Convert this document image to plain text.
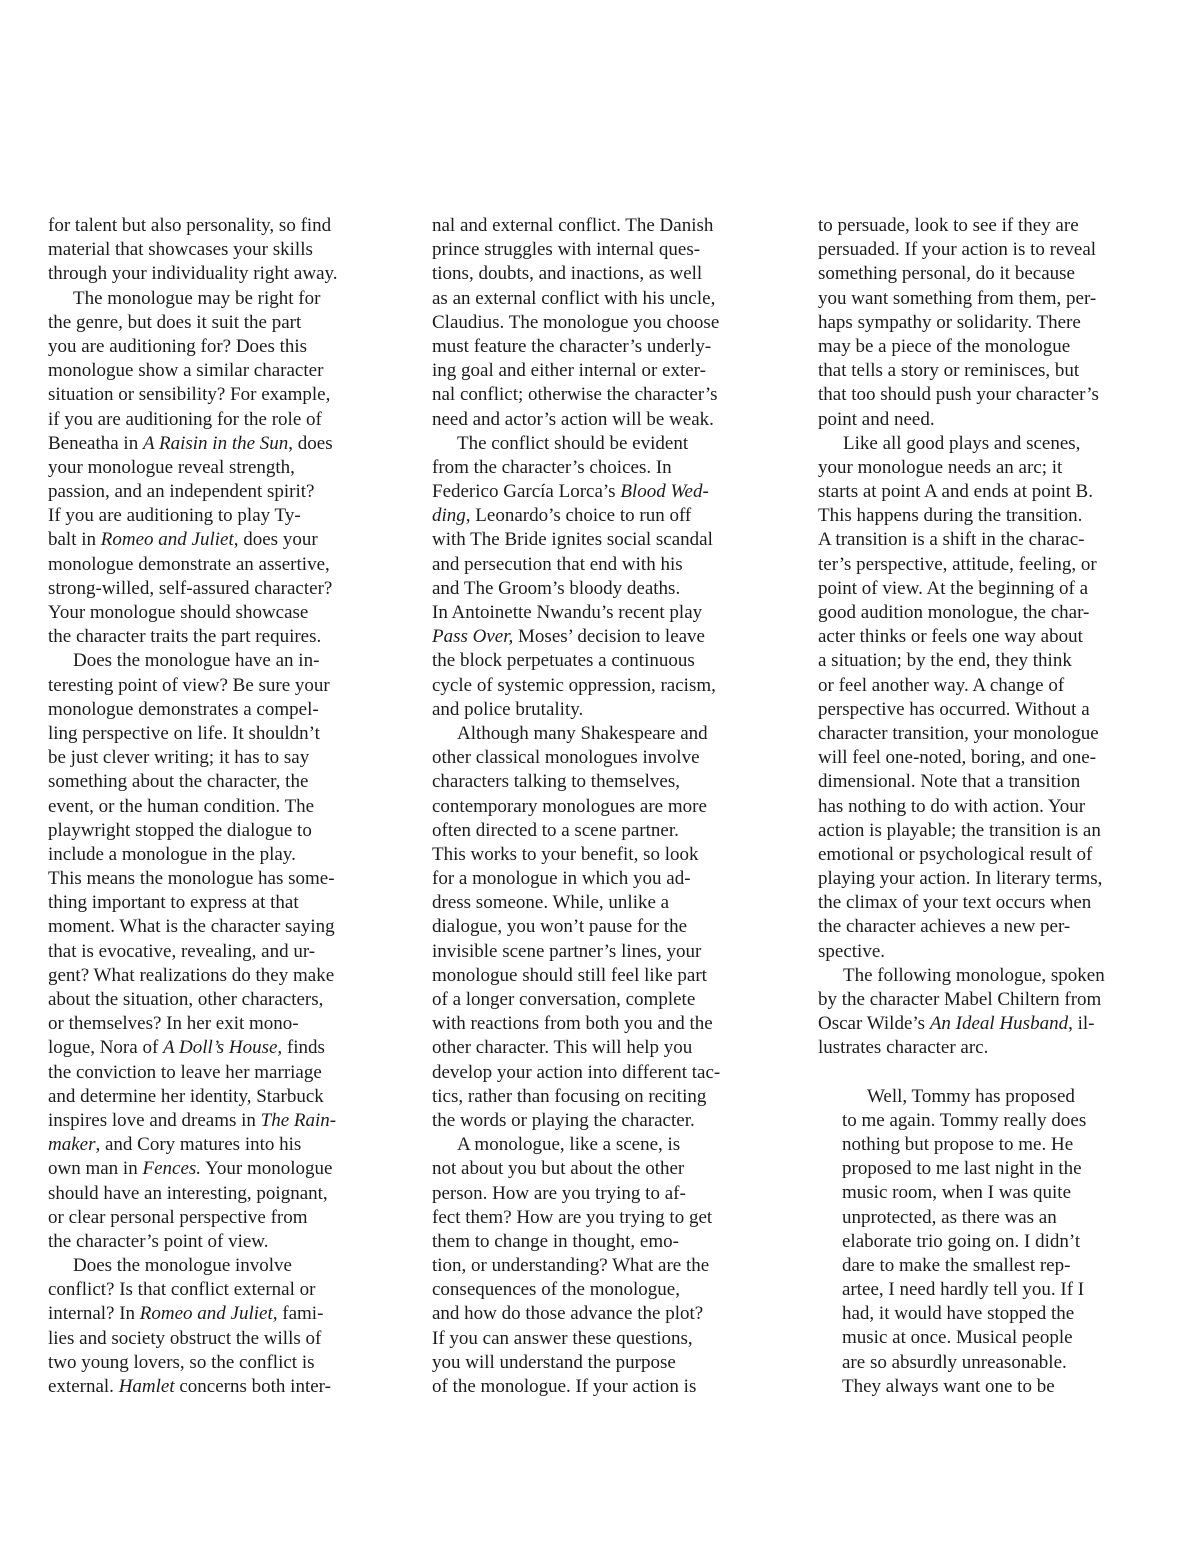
for talent but also personality, so find
material that showcases your skills
through your individuality right away.
The monologue may be right for
the genre, but does it suit the part
you are auditioning for? Does this
monologue show a similar character
situation or sensibility? For example,
if you are auditioning for the role of
Beneatha in A Raisin in the Sun, does
your monologue reveal strength,
passion, and an independent spirit?
If you are auditioning to play Ty-
balt in Romeo and Juliet, does your
monologue demonstrate an assertive,
strong-willed, self-assured character?
Your monologue should showcase
the character traits the part requires.
Does the monologue have an in-
teresting point of view? Be sure your
monologue demonstrates a compel-
ling perspective on life. It shouldn’t
be just clever writing; it has to say
something about the character, the
event, or the human condition. The
playwright stopped the dialogue to
include a monologue in the play.
This means the monologue has some-
thing important to express at that
moment. What is the character saying
that is evocative, revealing, and ur-
gent? What realizations do they make
about the situation, other characters,
or themselves? In her exit mono-
logue, Nora of A Doll’s House, finds
the conviction to leave her marriage
and determine her identity, Starbuck
inspires love and dreams in The Rain-
maker, and Cory matures into his
own man in Fences. Your monologue
should have an interesting, poignant,
or clear personal perspective from
the character’s point of view.
Does the monologue involve
conflict? Is that conflict external or
internal? In Romeo and Juliet, fami-
lies and society obstruct the wills of
two young lovers, so the conflict is
external. Hamlet concerns both inter-
nal and external conflict. The Danish
prince struggles with internal ques-
tions, doubts, and inactions, as well
as an external conflict with his uncle,
Claudius. The monologue you choose
must feature the character’s underly-
ing goal and either internal or exter-
nal conflict; otherwise the character’s
need and actor’s action will be weak.
The conflict should be evident
from the character’s choices. In
Federico García Lorca’s Blood Wed-
ding, Leonardo’s choice to run off
with The Bride ignites social scandal
and persecution that end with his
and The Groom’s bloody deaths.
In Antoinette Nwandu’s recent play
Pass Over, Moses’ decision to leave
the block perpetuates a continuous
cycle of systemic oppression, racism,
and police brutality.
Although many Shakespeare and
other classical monologues involve
characters talking to themselves,
contemporary monologues are more
often directed to a scene partner.
This works to your benefit, so look
for a monologue in which you ad-
dress someone. While, unlike a
dialogue, you won’t pause for the
invisible scene partner’s lines, your
monologue should still feel like part
of a longer conversation, complete
with reactions from both you and the
other character. This will help you
develop your action into different tac-
tics, rather than focusing on reciting
the words or playing the character.
A monologue, like a scene, is
not about you but about the other
person. How are you trying to af-
fect them? How are you trying to get
them to change in thought, emo-
tion, or understanding? What are the
consequences of the monologue,
and how do those advance the plot?
If you can answer these questions,
you will understand the purpose
of the monologue. If your action is
to persuade, look to see if they are
persuaded. If your action is to reveal
something personal, do it because
you want something from them, per-
haps sympathy or solidarity. There
may be a piece of the monologue
that tells a story or reminisces, but
that too should push your character’s
point and need.
Like all good plays and scenes,
your monologue needs an arc; it
starts at point A and ends at point B.
This happens during the transition.
A transition is a shift in the charac-
ter’s perspective, attitude, feeling, or
point of view. At the beginning of a
good audition monologue, the char-
acter thinks or feels one way about
a situation; by the end, they think
or feel another way. A change of
perspective has occurred. Without a
character transition, your monologue
will feel one-noted, boring, and one-
dimensional. Note that a transition
has nothing to do with action. Your
action is playable; the transition is an
emotional or psychological result of
playing your action. In literary terms,
the climax of your text occurs when
the character achieves a new per-
spective.
The following monologue, spoken
by the character Mabel Chiltern from
Oscar Wilde’s An Ideal Husband, il-
lustrates character arc.
Well, Tommy has proposed
to me again. Tommy really does
nothing but propose to me. He
proposed to me last night in the
music room, when I was quite
unprotected, as there was an
elaborate trio going on. I didn’t
dare to make the smallest rep-
artee, I need hardly tell you. If I
had, it would have stopped the
music at once. Musical people
are so absurdly unreasonable.
They always want one to be
